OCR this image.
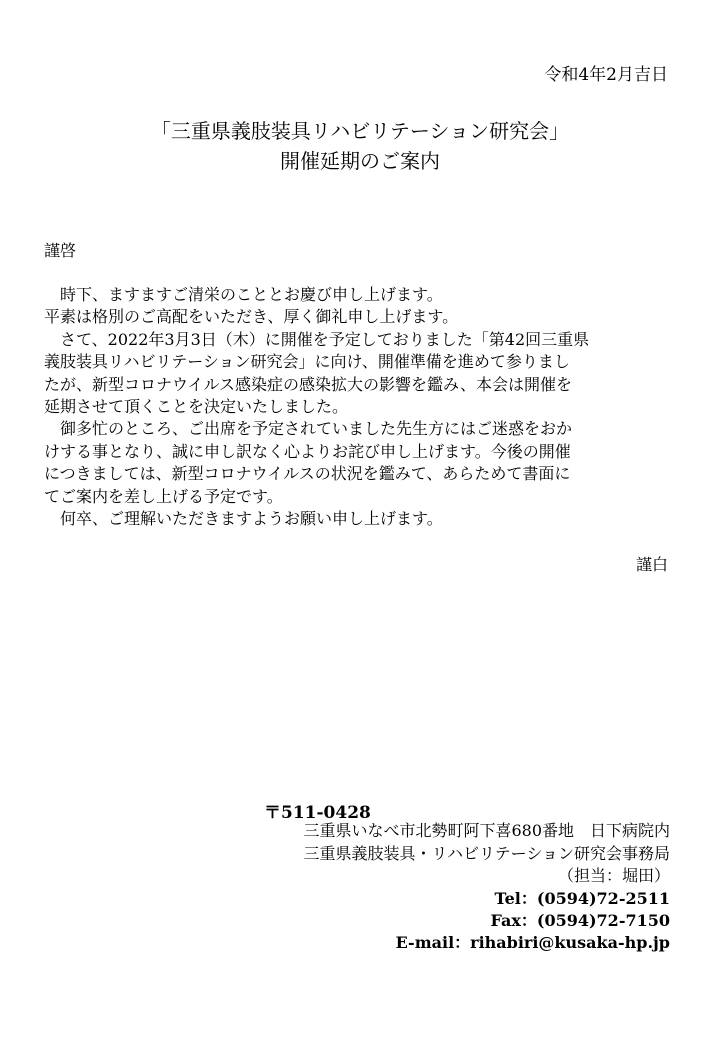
令和4年2月吉日
「三重県義肢装具リハビリテーション研究会」
開催延期のご案内
謹啓
　時下、ますますご清栄のこととお慶び申し上げます。
平素は格別のご高配をいただき、厚く御礼申し上げます。
　さて、2022年3月3日（木）に開催を予定しておりました「第42回三重県
義肢装具リハビリテーション研究会」に向け、開催準備を進めて参りまし
たが、新型コロナウイルス感染症の感染拡大の影響を鑑み、本会は開催を
延期させて頂くことを決定いたしました。
　御多忙のところ、ご出席を予定されていました先生方にはご迷惑をおか
けする事となり、誠に申し訳なく心よりお詫び申し上げます。今後の開催
につきましては、新型コロナウイルスの状況を鑑みて、あらためて書面に
てご案内を差し上げる予定です。
　何卒、ご理解いただきますようお願い申し上げます。
謹白
〒511-0428
三重県いなべ市北勢町阿下喜680番地　日下病院内
三重県義肢装具・リハビリテーション研究会事務局
（担当：堀田）
Tel：(0594)72-2511
Fax：(0594)72-7150
E-mail：rihabiri@kusaka-hp.jp
